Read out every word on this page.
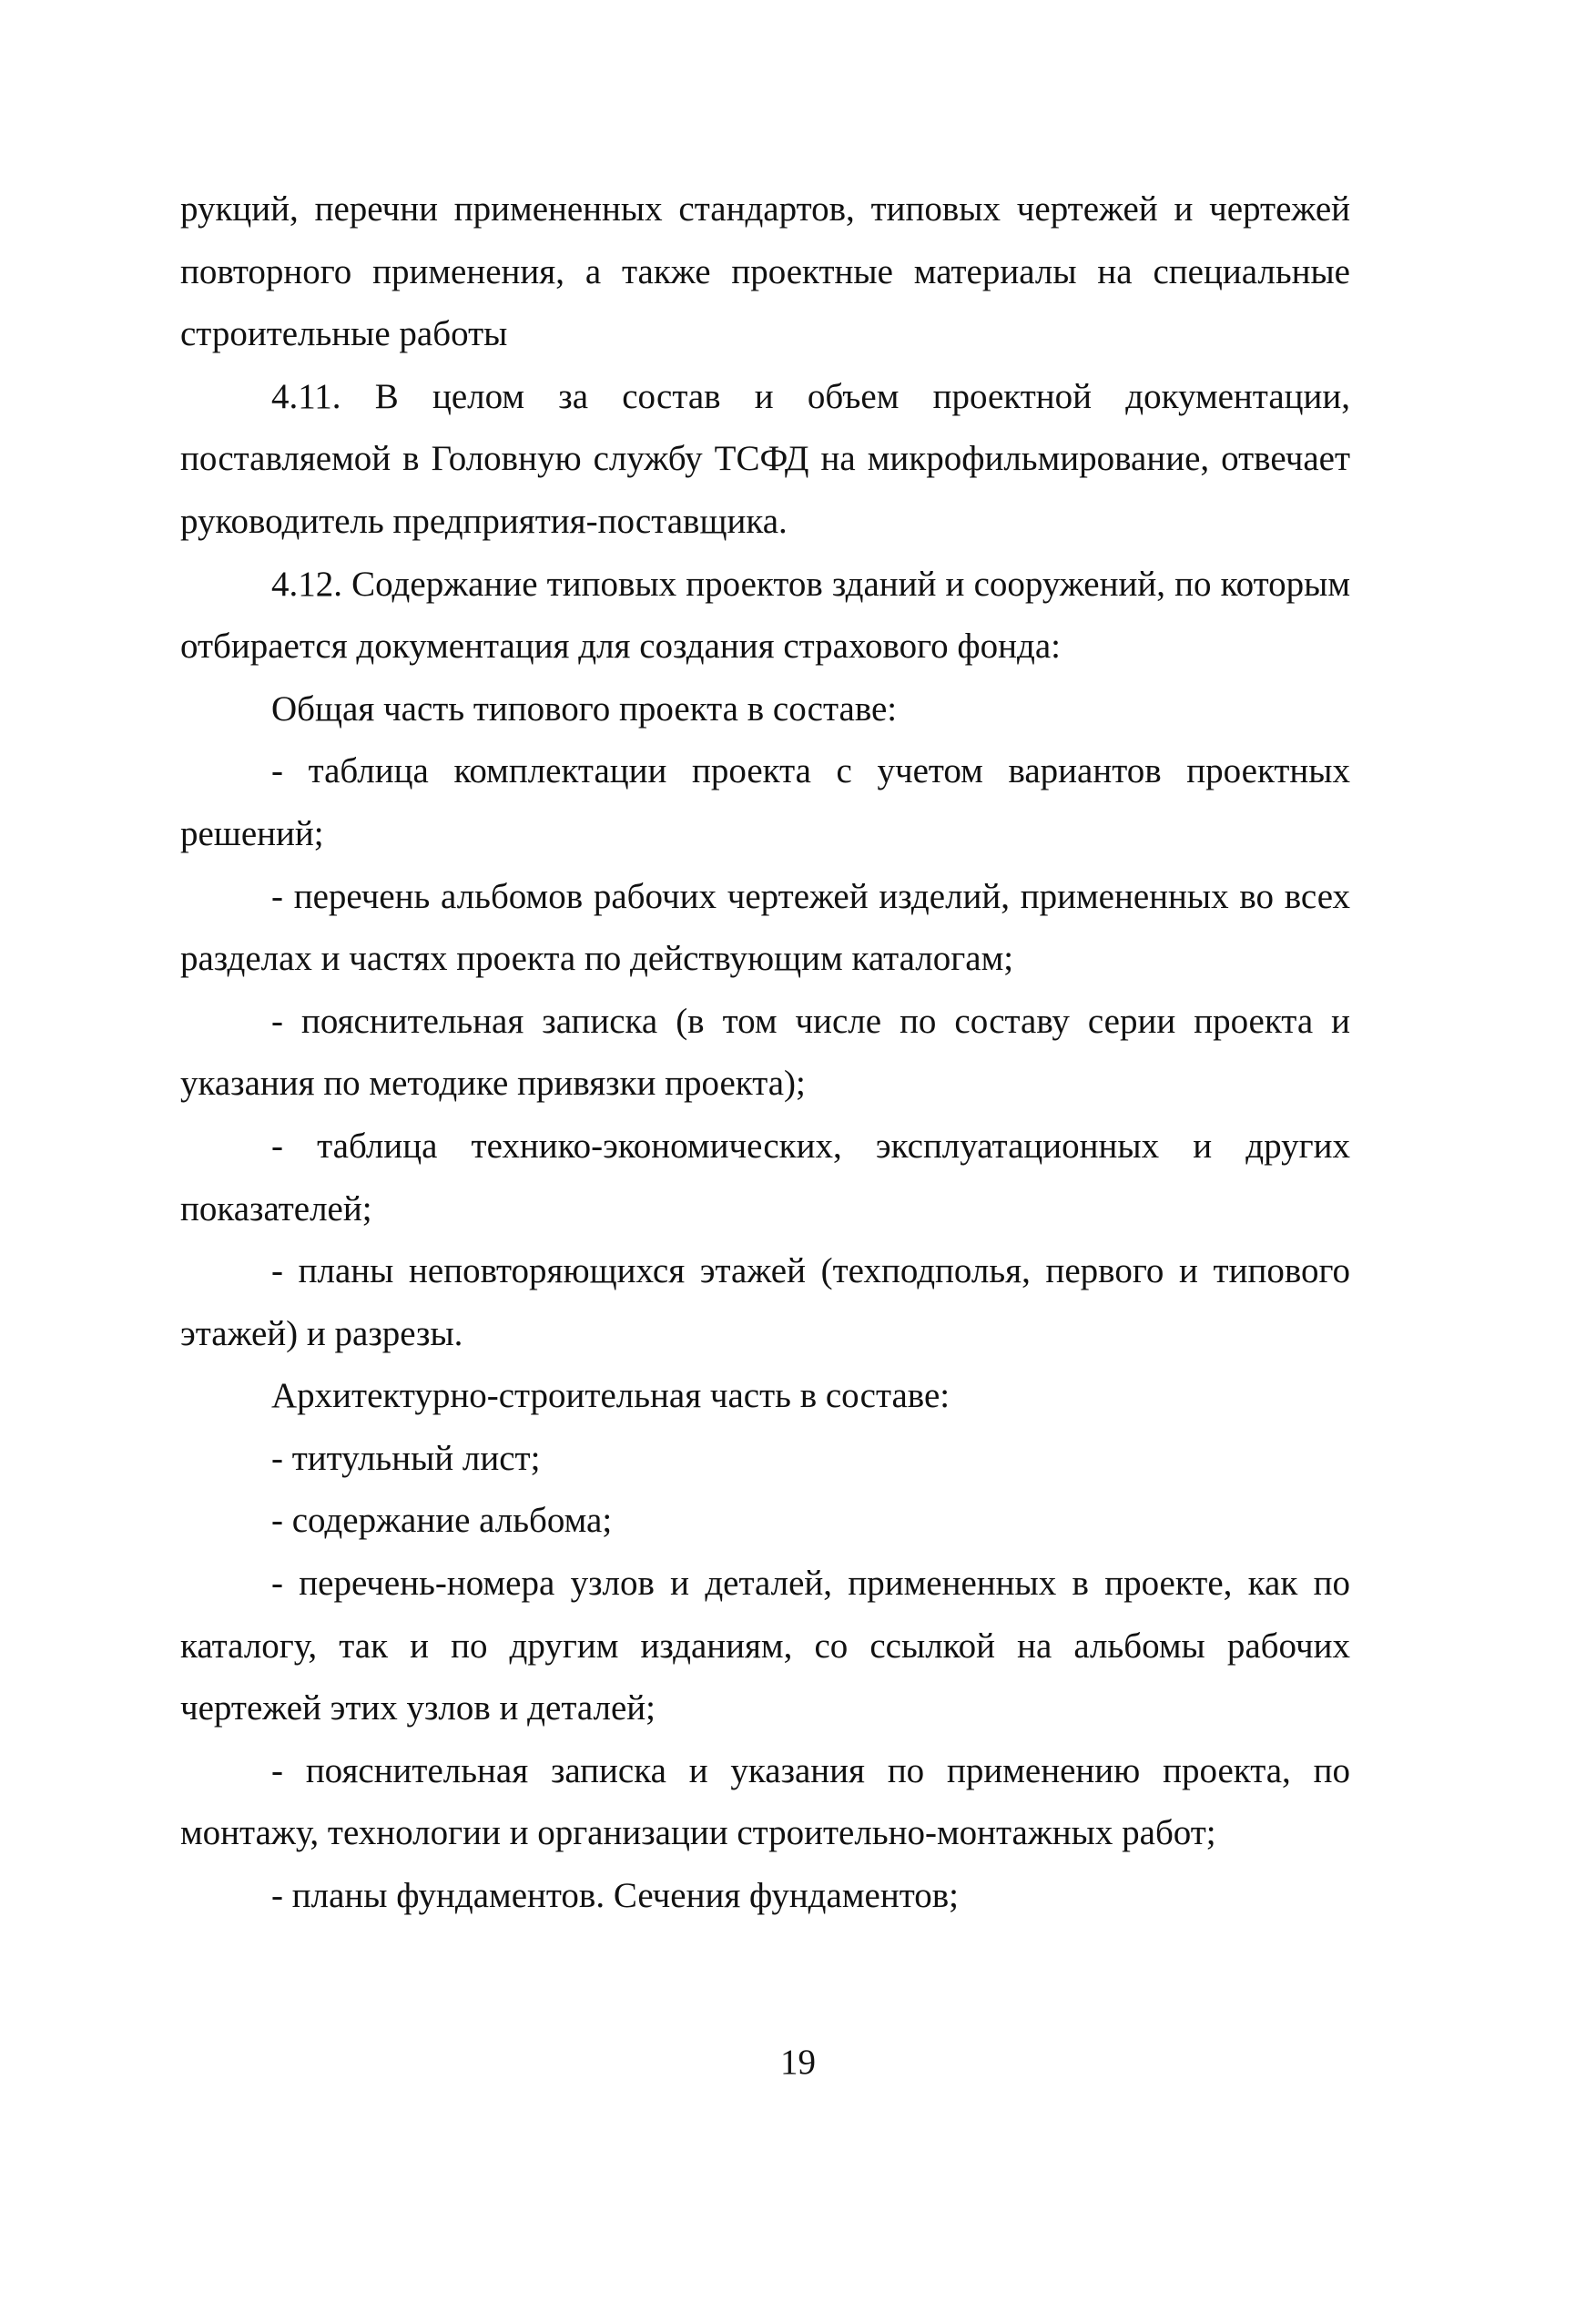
рукций, перечни примененных стандартов, типовых чертежей и чертежей повторного применения, а также проектные материалы на специальные строительные работы

4.11. В целом за состав и объем проектной документации, поставляемой в Головную службу ТСФД на микрофильмирование, отвечает руководитель предприятия-поставщика.

4.12. Содержание типовых проектов зданий и сооружений, по которым отбирается документация для создания страхового фонда:

Общая часть типового проекта в составе:

- таблица комплектации проекта с учетом вариантов проектных решений;

- перечень альбомов рабочих чертежей изделий, примененных во всех разделах и частях проекта по действующим каталогам;

- пояснительная записка (в том числе по составу серии проекта и указания по методике привязки проекта);

- таблица технико-экономических, эксплуатационных и других показателей;

- планы неповторяющихся этажей (техподполья, первого и типового этажей) и разрезы.

Архитектурно-строительная часть в составе:

- титульный лист;

- содержание альбома;

- перечень-номера узлов и деталей, примененных в проекте, как по каталогу, так и по другим изданиям, со ссылкой на альбомы рабочих чертежей этих узлов и деталей;

- пояснительная записка и указания по применению проекта, по монтажу, технологии и организации строительно-монтажных работ;

- планы фундаментов. Сечения фундаментов;

19
